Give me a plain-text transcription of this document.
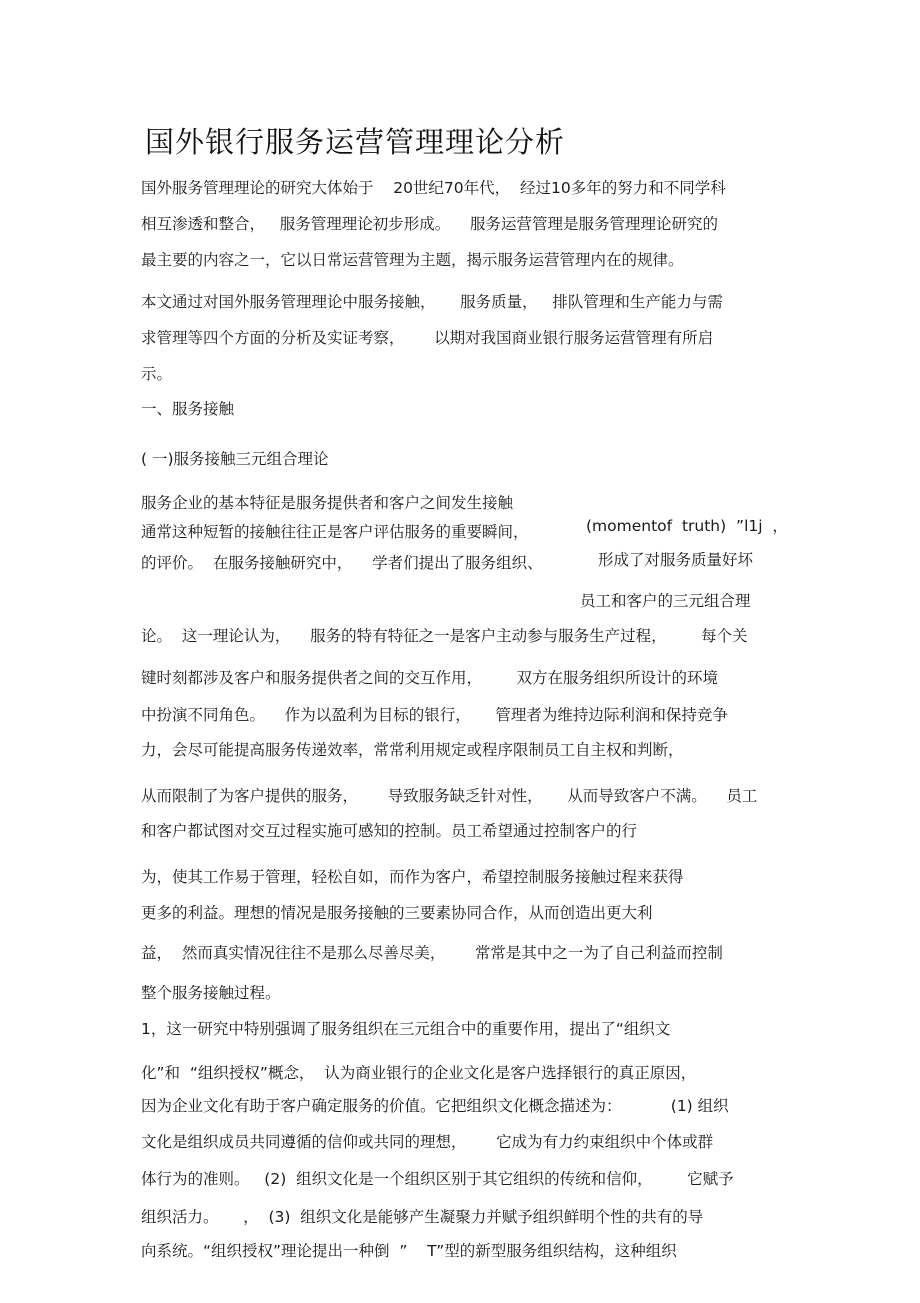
国外银行服务运营管理理论分析
国外服务管理理论的研究大体始于    20世纪70年代，  经过10多年的努力和不同学科
相互渗透和整合，   服务管理理论初步形成。    服务运营管理是服务管理理论研究的
最主要的内容之一，它以日常运营管理为主题，揭示服务运营管理内在的规律。
本文通过对国外服务管理理论中服务接触，     服务质量，   排队管理和生产能力与需
求管理等四个方面的分析及实证考察，      以期对我国商业银行服务运营管理有所启
示。
一、服务接触
( 一)服务接触三元组合理论
服务企业的基本特征是服务提供者和客户之间发生接触
通常这种短暂的接触往往正是客户评估服务的重要瞬间，	(momentof  truth)  ”l1j  ，
的评价。  在服务接触研究中，    学者们提出了服务组织、	形成了对服务质量好坏
员工和客户的三元组合理
论。  这一理论认为，    服务的特有特征之一是客户主动参与服务生产过程，       每个关
键时刻都涉及客户和服务提供者之间的交互作用，       双方在服务组织所设计的环境
中扮演不同角色。    作为以盈利为目标的银行，     管理者为维持边际利润和保持竞争
力，会尽可能提高服务传递效率，常常利用规定或程序限制员工自主权和判断，
从而限制了为客户提供的服务，      导致服务缺乏针对性，     从而导致客户不满。    员工
和客户都试图对交互过程实施可感知的控制。员工希望通过控制客户的行
为，使其工作易于管理，轻松自如，而作为客户，希望控制服务接触过程来获得
更多的利益。理想的情况是服务接触的三要素协同合作，从而创造出更大利
益，  然而真实情况往往不是那么尽善尽美，      常常是其中之一为了自己利益而控制
整个服务接触过程。
1，这一研究中特别强调了服务组织在三元组合中的重要作用，提出了“组织文
化”和  “组织授权”概念，  认为商业银行的企业文化是客户选择银行的真正原因，
因为企业文化有助于客户确定服务的价值。它把组织文化概念描述为：          (1) 组织
文化是组织成员共同遵循的信仰或共同的理想，      它成为有力约束组织中个体或群
体行为的准则。   (2)  组织文化是一个组织区别于其它组织的传统和信仰，       它赋予
组织活力。     ，  (3)  组织文化是能够产生凝聚力并赋予组织鲜明个性的共有的导
向系统。“组织授权”理论提出一种倒  ”    T”型的新型服务组织结构，这种组织
